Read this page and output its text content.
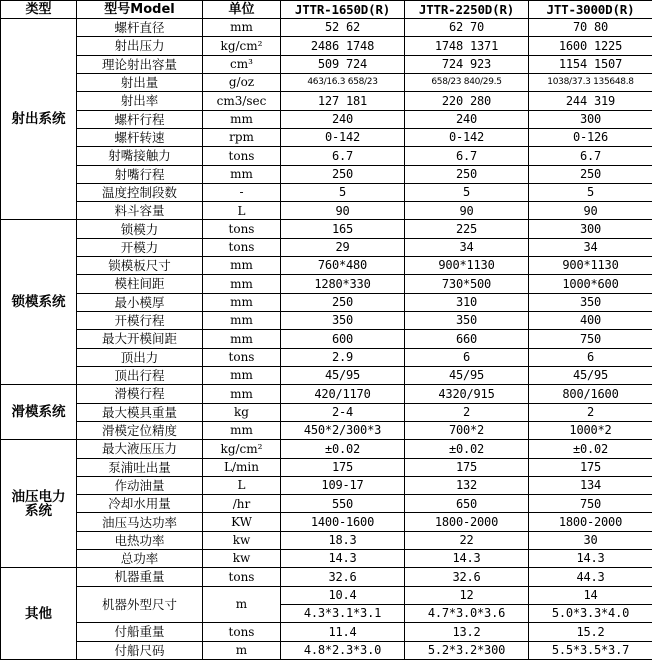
类型	型号Model	单位	JTTR-1650D(R)	JTTR-2250D(R)	JTT-3000D(R)
射出系统	螺杆直径	mm	52 62	62 70	70 80
	射出压力	kg/cm²	2486 1748	1748 1371	1600 1225
	理论射出容量	cm³	509 724	724 923	1154 1507
	射出量	g/oz	463/16.3 658/23	658/23 840/29.5	1038/37.3 135648.8
	射出率	cm3/sec	127 181	220 280	244 319
	螺杆行程	mm	240	240	300
	螺杆转速	rpm	0-142	0-142	0-126
	射嘴接触力	tons	6.7	6.7	6.7
	射嘴行程	mm	250	250	250
	温度控制段数	-	5	5	5
	料斗容量	L	90	90	90
锁模系统	锁模力	tons	165	225	300
	开模力	tons	29	34	34
	锁模板尺寸	mm	760*480	900*1130	900*1130
	模柱间距	mm	1280*330	730*500	1000*600
	最小模厚	mm	250	310	350
	开模行程	mm	350	350	400
	最大开模间距	mm	600	660	750
	顶出力	tons	2.9	6	6
	顶出行程	mm	45/95	45/95	45/95
滑模系统	滑模行程	mm	420/1170	4320/915	800/1600
	最大模具重量	kg	2-4	2	2
	滑模定位精度	mm	450*2/300*3	700*2	1000*2
油压电力系统	最大液压压力	kg/cm²	±0.02	±0.02	±0.02
	泵浦吐出量	L/min	175	175	175
	作动油量	L	109-17	132	134
	冷却水用量	/hr	550	650	750
	油压马达功率	KW	1400-1600	1800-2000	1800-2000
	电热功率	kw	18.3	22	30
	总功率	kw	14.3	14.3	14.3
其他	机器重量	tons	32.6	32.6	44.3
	机器外型尺寸	m	10.4	12	14
			4.3*3.1*3.1	4.7*3.0*3.6	5.0*3.3*4.0
	付船重量	tons	11.4	13.2	15.2
	付船尺码	m	4.8*2.3*3.0	5.2*3.2*300	5.5*3.5*3.7
